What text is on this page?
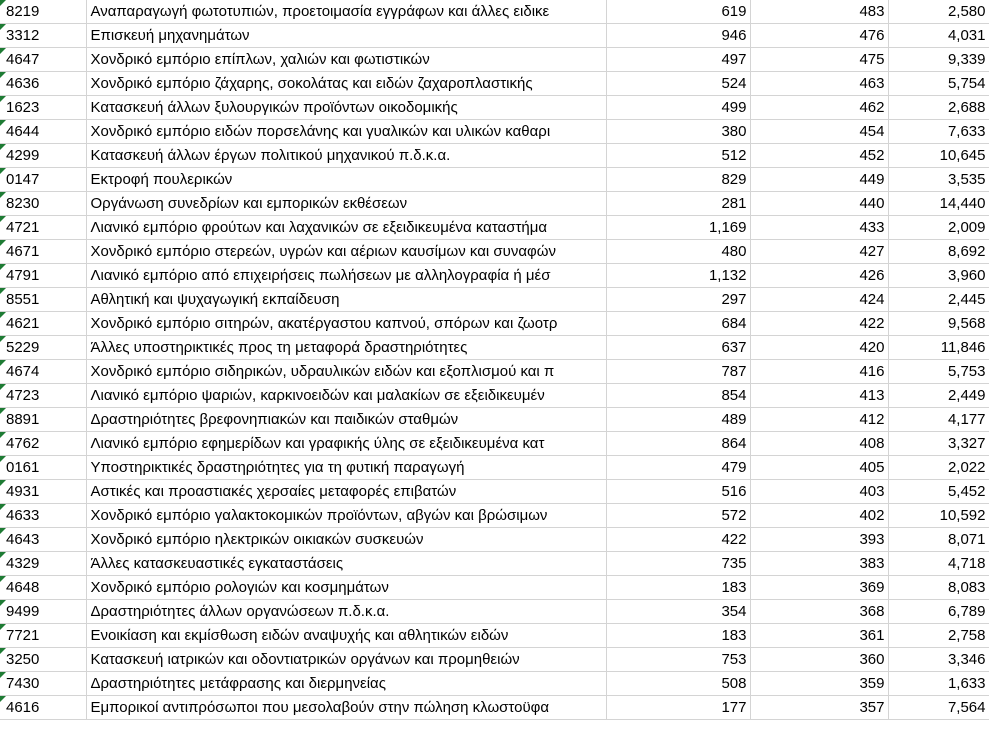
8219	Αναπαραγωγή φωτοτυπιών, προετοιμασία εγγράφων και άλλες ειδικε	619	483	2,580

3312	Επισκευή μηχανημάτων	946	476	4,031

4647	Χονδρικό εμπόριο επίπλων, χαλιών και φωτιστικών	497	475	9,339

4636	Χονδρικό εμπόριο ζάχαρης, σοκολάτας και ειδών ζαχαροπλαστικής	524	463	5,754

1623	Κατασκευή άλλων ξυλουργικών προϊόντων οικοδομικής	499	462	2,688

4644	Χονδρικό εμπόριο ειδών πορσελάνης και γυαλικών και υλικών καθαρι	380	454	7,633

4299	Κατασκευή άλλων έργων πολιτικού μηχανικού π.δ.κ.α.	512	452	10,645

0147	Εκτροφή πουλερικών	829	449	3,535

8230	Οργάνωση συνεδρίων και εμπορικών εκθέσεων	281	440	14,440

4721	Λιανικό εμπόριο φρούτων και λαχανικών σε εξειδικευμένα καταστήμα	1,169	433	2,009

4671	Χονδρικό εμπόριο στερεών, υγρών και αέριων καυσίμων και συναφών	480	427	8,692

4791	Λιανικό εμπόριο από επιχειρήσεις πωλήσεων με αλληλογραφία ή μέσ	1,132	426	3,960

8551	Αθλητική και ψυχαγωγική εκπαίδευση	297	424	2,445

4621	Χονδρικό εμπόριο σιτηρών, ακατέργαστου καπνού, σπόρων και ζωοτρ	684	422	9,568

5229	Άλλες υποστηρικτικές προς τη μεταφορά δραστηριότητες	637	420	11,846

4674	Χονδρικό εμπόριο σιδηρικών, υδραυλικών ειδών και εξοπλισμού και π	787	416	5,753

4723	Λιανικό εμπόριο ψαριών, καρκινοειδών και μαλακίων σε εξειδικευμέν	854	413	2,449

8891	Δραστηριότητες βρεφονηπιακών και παιδικών σταθμών	489	412	4,177

4762	Λιανικό εμπόριο εφημερίδων και γραφικής ύλης σε εξειδικευμένα κατ	864	408	3,327

0161	Υποστηρικτικές δραστηριότητες για τη φυτική παραγωγή	479	405	2,022

4931	Αστικές και προαστιακές χερσαίες μεταφορές επιβατών	516	403	5,452

4633	Χονδρικό εμπόριο γαλακτοκομικών προϊόντων, αβγών και βρώσιμων	572	402	10,592

4643	Χονδρικό εμπόριο ηλεκτρικών οικιακών συσκευών	422	393	8,071

4329	Άλλες κατασκευαστικές εγκαταστάσεις	735	383	4,718

4648	Χονδρικό εμπόριο ρολογιών και κοσμημάτων	183	369	8,083

9499	Δραστηριότητες άλλων οργανώσεων π.δ.κ.α.	354	368	6,789

7721	Ενοικίαση και εκμίσθωση ειδών αναψυχής και αθλητικών ειδών	183	361	2,758

3250	Κατασκευή ιατρικών και οδοντιατρικών οργάνων και προμηθειών	753	360	3,346

7430	Δραστηριότητες μετάφρασης και διερμηνείας	508	359	1,633

4616	Εμπορικοί αντιπρόσωποι που μεσολαβούν στην πώληση κλωστοϋφα	177	357	7,564
